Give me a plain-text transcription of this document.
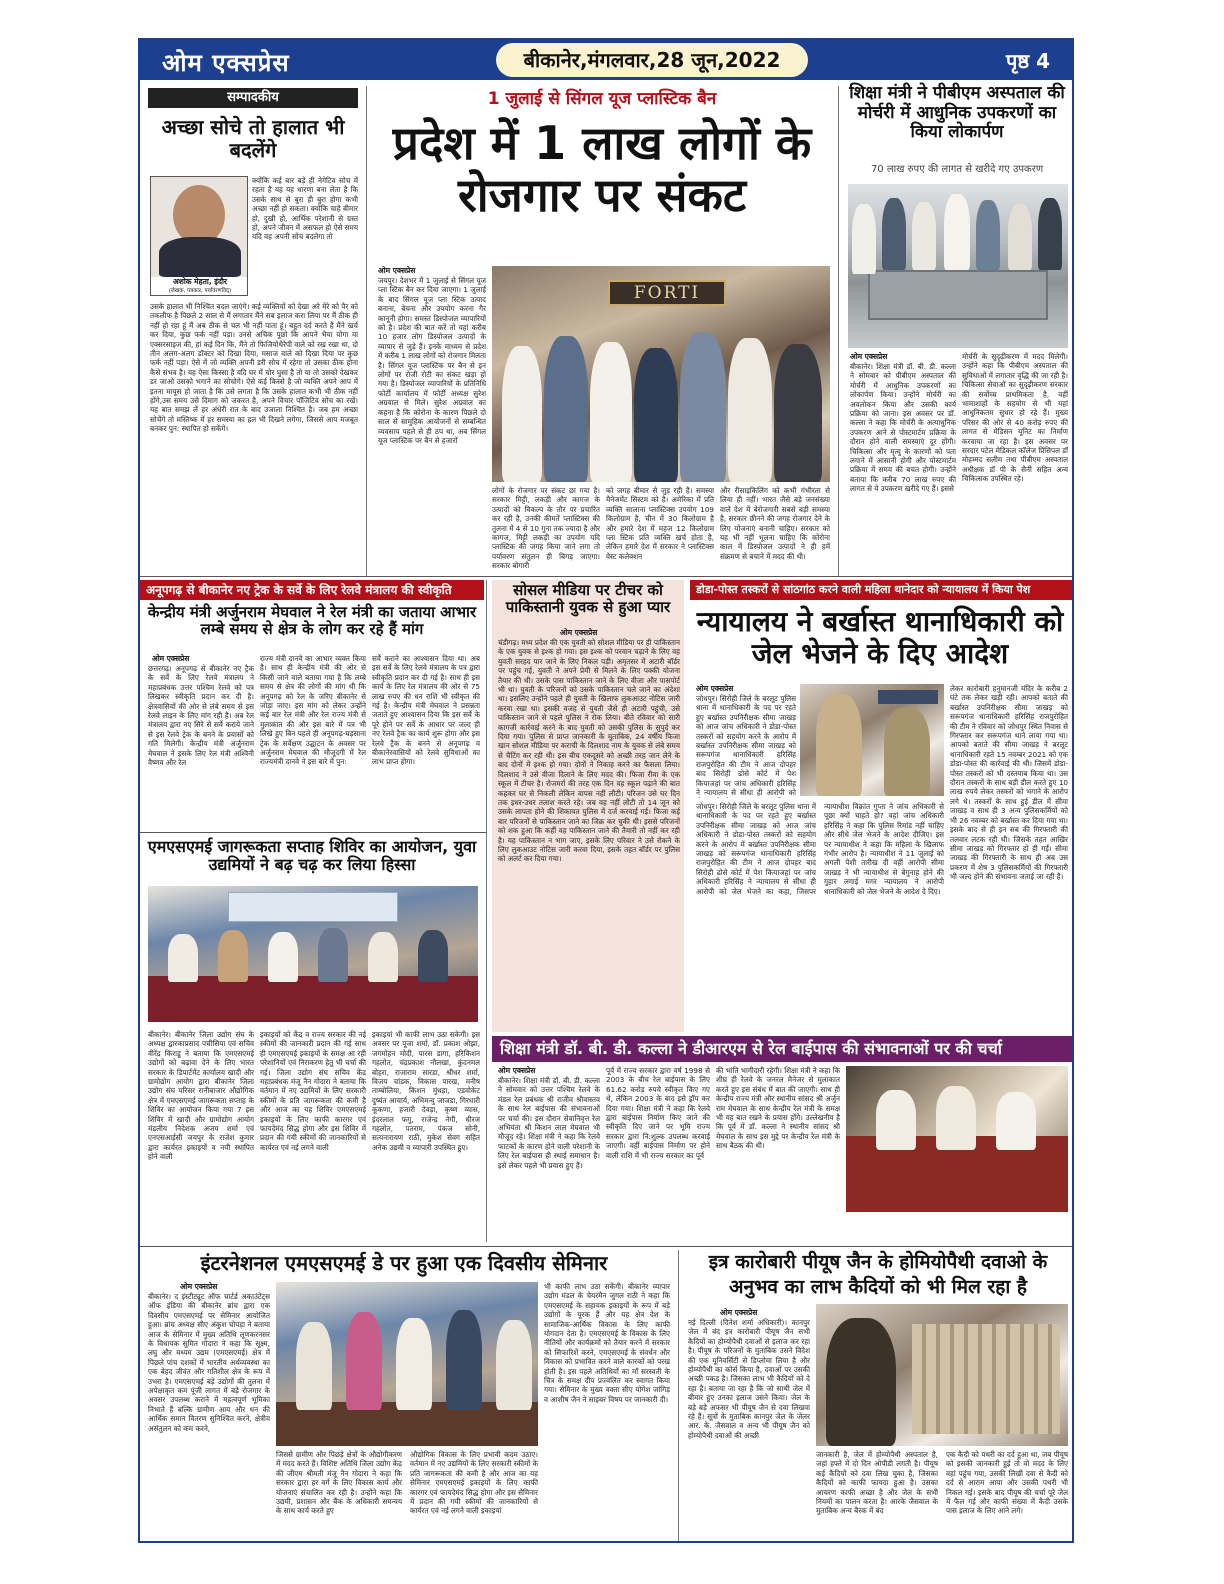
ओम एक्सप्रेस	बीकानेर,मंगलवार,28 जून,2022	पृष्ठ 4
सम्पादकीय
अच्छा सोचे तो हालात भी बदलेंगे
अशोक मेहता, इंदौर
(लेखक, पत्रकार, पर्यावरणविद्)
क्योंकि कई बार बड़े ही नेगेटिव सोच में रहता है यह यह धारणा बना लेता है कि उसके साथ से बुरा ही बुरा होगा कभी अच्छा नहीं हो सकता। क्योंकि चाहे बीमार हो, दुखी हो, आर्थिक परेशानी से ग्रस्त हो, अपने जीवन में असफल हो ऐसे समय यदि वह अपनी सोच बदलेगा तो
उसके हालात भी निश्चित बदल जाएंगे। कई व्यक्तियों को देखा अरे मेरे को पैर को तकलीफ है पिछले 2 साल से मैं लगातार मैंने सब इलाज करा लिया पर मैं ठीक ही नहीं हो रहा हूं मैं अब ठीक से चल भी नहीं पाता हूं। बहुत दर्द करते हैं मैंने खर्च कर दिया, कुछ फर्क नहीं पड़ा। उनसे अचिक पूछो कि आपने भैया योगा या एक्सरसाइज की, हां कई दिन कि, मैंने तो फिजियोथैरेपी वाले को रख रखा था, दो तीन अलग-अलग डॉक्टर को दिखा दिया, मसाज वाले को दिखा दिया पर कुछ फर्क नहीं पड़ा। ऐसे में जो व्यक्ति अपनी डरी सोच में रहेगा तो उसका ठीक होना कैसे संभव है। यह ऐसा किस्सा है यदि घर में चोर घुसा है तो या तो उसको देखकर डर जाओ उसको भगाने का सोचोगे। ऐसे कई किस्से है जो व्यक्ति अपने आप में इतना मायूस हो जाता है कि उसे लगता है कि उसके हालात कभी भी ठीक नहीं होंगे,उस समय उसे दिमाग को जकरत है, अपने विचार पॉजिटिव सोच का रखें। यह बात समझ लें हर अंधेरी रात के बाद उजाला निश्चित है। जब हम अच्छा सोचेंगे तो मस्तिष्क में हर समस्या का हल भी दिखने लगेगा, जिससे आप मजबूत बनकर पुन: स्थापित हो सकेंगे।
1 जुलाई से सिंगल यूज प्लास्टिक बैन
प्रदेश में 1 लाख लोगों के रोजगार पर संकट
ओम एक्सप्रेस
जयपुर। देशभर में 1 जुलाई से सिंगल यूज प्ला स्टिक बैन कर दिया जाएगा। 1 जुलाई के बाद सिंगल यूज प्ला स्टिक उत्पाद बनाना, बेचना और उपयोग करना गैर कानूनी होगा। समस्त डिस्पोजल व्यापारियों को है। प्रदेश की बात करें तो यहां करीब 10 हजार लोग डिस्पोजल उत्पादों के व्यापार से जुड़े हैं। इनके माध्यम से प्रदेश में करीब 1 लाख लोगों को रोजगार मिलता है। सिंगल यूज प्लास्टिक पर बैन से इन लोगों पर रोजी रोटी का संकट खड़ा हो गया है। डिस्पोजल व्यापारियों के प्रतिनिधि फोर्टी कार्यालय में फोर्टी अध्यक्ष सुरेश अग्रवाल से मिले। सुरेश अग्रवाल का कहना है कि कोरोना के कारण पिछले दो साल से सामुहिक आयोजनों से सम्बन्धित व्यवसाय पहले से ही ठप था, अब सिंगल यूज प्लास्टिक पर बैन से हजारों
FORTI
लोगों के रोजगार पर संकट छा गया है। सरकार मिट्टी, लकड़ी और कागज के उत्पादों को विकल्प के तौर पर प्रचारित कर रही है, उनकी कीमतें प्लास्टिक्स की तुलना में 4 से 10 गुना तक ज्यादा है और कागज, मिट्टी लकड़ी का उपयोग यदि प्लास्टिक की जगह किया जाने लगा तो पर्यावरण संतुलन ही बिगड़ जाएगा। सरकार बोगारी
को जगह बीमार से जुड़ रही है। समस्या मैनेजमेंट सिस्टम को है। अमेरिका में प्रति व्यक्ति सालाना प्लास्टिक्स उपयोग 109 किलोग्राम है, चीन में 30 किलोग्राम है और हमारे देश में महज 12 किलोग्राम प्ला स्टिक प्रति व्यक्ति खर्च होता है, लेकिन हमारे देश में सरकार ने प्लास्टिक्स वेस्ट कलेक्शन
और रीसाइकिलिंग को कभी गंभीरता से लिया ही नहीं। भारत जैसे बड़े जनसंख्या वाले देश में बेरोजगारी सबसे बड़ी समस्या है, सरकार छीनने की जगह रोजगार देने के लिए योजनाएं बनानी चाहिए। सरकार को यह भी नहीं भूलना चाहिए कि कोरोना काल में डिस्पोजल उत्पादों ने ही हमें संक्रमण से बचाने में मदद की थी।
शिक्षा मंत्री ने पीबीएम अस्पताल की मोर्चरी में आधुनिक उपकरणों का किया लोकार्पण
70 लाख रुपए की लागत से खरीदे गए उपकरण
ओम एक्सप्रेस
बीकानेर। शिक्षा मंत्री डॉ. बी. डी. कल्ला ने सोमवार को पीबीएम अस्पताल की मोर्चरी में आधुनिक उपकरणों का लोकार्पण किया। उन्होंने मोर्चरी का अवलोकन किया और उसकी कार्य प्रक्रिया को जाना। इस अवसर पर डॉ. कल्ला ने कहा कि मोर्चरी के अत्याधुनिक उपकरण आने से पोस्टमार्टम प्रक्रिया के दौरान होने वाली समस्याएं दूर होंगी। चिकित्सा और मृत्यु के कारणों को पता लगाने में आसानी होगी और पोस्टमार्टम प्रक्रिया में समय की बचत होगी। उन्होंने बताया कि करीब 70 लाख रुपए की लागत से ये उपकरण खरीदे गए हैं। इससे
मोर्चरी के सुदृढ़ीकरण में मदद मिलेगी। उन्होंने कहा कि पीबीएम अस्पताल की सुविधाओं में लगातार वृद्धि की जा रही है। चिकित्सा सेवाओं का सुदृढ़ीकरण सरकार की सर्वोच्च प्राथमिकता है, वहीं भामाशाहों के सहयोग से भी यहां आधुनिकतम सुधार हो रहे हैं। मुख्य परिसर की ओर से 40 करोड़ रुपए की लागत से मेडिसन यूनिट का निर्माण करवाया जा रहा है। इस अवसर पर सरदार पटेल मेडिकल कॉलेज प्रिंसिपल डॉ मोहम्मद सलीम तथा पीबीएम अस्पताल अधीक्षक डॉ पी के सैनी सहित अन्य चिकित्सक उपस्थित रहे।
अनूपगढ़ से बीकानेर नए ट्रेक के सर्वे के लिए रेलवे मंत्रालय की स्वीकृति
केन्द्रीय मंत्री अर्जुनराम मेघवाल ने रेल मंत्री का जताया आभार लम्बे समय से क्षेत्र के लोग कर रहे हैं मांग
ओम एक्सप्रेस
छत्तरगढ़। अनूपगढ़ से बीकानेर नए ट्रैक के सर्वे के लिए रेलवे मंत्रालय ने महाप्रबंधक उत्तर पश्चिम रेलवे को पत्र लिखकर स्वीकृति प्रदान कर दी है। क्षेत्रवासियों की ओर से लंबे समय से इस रेलवे लाइन के लिए मांग रही है। अब रेल मंत्रालय द्वारा नए सिरे से सर्वे कराये जाने से इस रेलवे ट्रेक के बनने के प्रयासों को गति मिलेगी। केन्द्रीय मंत्री अर्जुनराम मेघवाल ने इसके लिए रेल मंत्री अश्विनी वैष्णव और रेल
राज्य मंत्री दानवे का आभार व्यक्त किया है। साथ ही केन्द्रीय मंत्री की ओर से किसी जाने वाले बताया गया है कि लम्बे समय से क्षेत्र की लोगों की मांग थी कि अनूपगढ़ को रेल के जरिए बीकानेर से जोड़ा जाए। इस मांग को लेकर उन्होंने कई बार रेल मंत्री और रेल राज्य मंत्री से मुलाकात की और इस बारे में पत्र भी लिखे हुए बिन पहले ही अनूपगढ़-घड़साना ट्रेक के सर्वेक्षण उद्घाटन के अवसर पर अर्जुनराम मेघवाल की मौजूदगी में रेल राज्यमंत्री दानवे ने इस बारे में पुन:
सर्वे कराने का आश्वासन दिया था। अब इस सर्वे के लिए रेलवे मंत्रालय के पत्र द्वारा स्वीकृति प्रदान कर दी गई है। साथ ही इस कार्य के लिए रेल मंत्रालय की ओर से 75 लाख रुपए की धन राशि भी स्वीकृत की गई है। केन्द्रीय मंत्री मेघवाल ने प्रसन्नता जताते हुए आश्वासन दिया कि इस सर्वे के पूरे होने पर सर्वे के आधार पर जल्द ही नए रेलवे ट्रैक का कार्य शुरू होगा और इस रेलवे ट्रैक के बनने से अनूपगढ़ व बीकानेरवासियों को रेलवे सुविधाओं का लाभ प्राप्त होगा।
एमएसएमई जागरूकता सप्ताह शिविर का आयोजन, युवा उद्यमियों ने बढ़ चढ़ कर लिया हिस्सा
बीकानेर। बीकानेर जिला उद्योग संघ के अध्यक्ष द्वारकाप्रसाद पचीसिया एवं सचिव वीरेंद्र किराडू ने बताया कि एमएसएमई उद्योगों को बढ़ावा देने के लिए भारत सरकार के डिपार्टमेंट कार्यालय खादी और ग्रामोद्योग आयोग द्वारा बीकानेर जिला उद्योग संघ परिसर रानीबाजार औद्योगिक क्षेत्र में एमएसएमई जागरूकता सप्ताह के शिविर का आयोजन किया गया 7 इस शिविर में खादी और ग्रामोद्योग आयोग मंडलीय निदेशक अजय शर्मा एवं एनएसआईसी जयपुर के राजेश कुमार द्वारा कार्यरत इकाइयों व नयी स्थापित होने वाली
इकाइयों को केंद्र व राज्य सरकार की नई स्कीमों की जानकारी प्रदान की गई साथ ही एमएसएमई इकाइयों के समक्ष आ रही परेशानियों एवं निराकरण हेतु भी चर्चा की गई। जिला उद्योग संघ सचिव केंद्र महाप्रबंधक मंजू नैन गोदारा ने बताया कि वर्तमान में नए उद्यमियों के लिए सरकारी स्कीमों के प्रति जागरूकता की कमी है और आज का यह शिविर एमएसएमई इकाइयों के लिए काफी कारगर एवं फायदेमंद सिद्ध होगा और इस शिविर में प्रदान की गयी स्कीमों की जानकारियों से कार्यरत एवं नई लगने वाली
इकाइयां भी काफी लाभ उठा सकेगी। इस अवसर पर पूजा शर्मा, डॉ. प्रकाश ओझा, जगमोहन मोदी, पारस डागा, हरिकिशन गहलोत, चंद्रप्रकाश नौलखा, कुंदनमल बोहरा, राजाराम सारडा, श्रीधर शर्मा, विजय चांडक, विकास पारख, मनीष ताम्बोलिया, किशन मुंधड़ा, एडवोकेट दुष्यंत आचार्य, अभिमन्यु जाजडा, गिरधारी कूकणा, हजारी देवड़ा, कृष्ण व्यास, इंदरलाल फगु, राजेन्द्र नेगी, धीरज गहलोत, पतराम, पंकज सोनी, सत्यनारायण राठी, मुकेश सेवग सहित अनेक उद्यमी व व्यापारी उपस्थित हुए।
सोसल मीडिया पर टीचर को पाकिस्तानी युवक से हुआ प्यार
ओम एक्सप्रेस
चंडीगढ़। मध्य प्रदेश की एक युवती को सोशल मीडिया पर ही पाकिस्तान के एक युवक से इश्क हो गया। इस इश्क को परवान चढ़ाने के लिए वह युवती सरहद पार जाने के लिए निकल पड़ी। अमृतसर में अटारी बॉर्डर पर पहुंच गई, युवती ने अपने प्रेमी से मिलने के लिए पक्की योजना तैयार की थी। उसके पास पाकिस्तान जाने के लिए वीजा और पासपोर्ट भी था। युवती के परिजनों को उसके पाकिस्तान चले जाने का अंदेशा था। इसलिए उन्होंने पहले ही युवती के खिलाफ लुकआउट नोटिस जारी करवा रखा था। इसकी वजह से युवती जैसे ही अटारी पहुंची, उसे पाकिस्तान जाने से पहले पुलिस ने रोक लिया। बीते रविवार को सारी कागजी कार्रवाई करने के बाद युवती को उसकी पुलिस के सुपुर्द कर दिया गया। पुलिस से प्राप्त जानकारी के मुताबिक, 24 वर्षीय फिजा खान सोशल मीडिया पर कराची के दिलशाद नाम के युवक से लंबे समय से चैटिंग कर रही थी। इस बीच एकदूसरे को अच्छी तरह जान लेने के बाद दोनों में इश्क हो गया। दोनों ने निकाह करने का फैसला लिया। दिलशाद ने उसे वीजा दिलाने के लिए मदद की। फिजा रीवा के एक स्कूल में टीचर है। रोजमर्रा की तरह एक दिन वह स्कूल पढ़ाने की बात कहकर घर से निकली लेकिन वापस नहीं लौटी। परिजन उसे घर दिन तक इधर-उधर तलाश करते रहे। जब वह नहीं लौटी तो 14 जून को उसके लापता होने की शिकायत पुलिस में दर्ज करवाई गई। फिजा कई बार परिजनों से पाकिस्तान जाने का जिक्र कर चुकी थी। इससे परिजनों को शक हुआ कि कहीं वह पाकिस्तान जाने की तैयारी तो नहीं कर रही है। यह पाकिस्तान न भाग जाए, इसके लिए परिवार ने उसे रोकने के लिए लुकआउट नोटिस जारी करवा दिया, इसके तहत बॉर्डर पर पुलिस को अलर्ट कर दिया गया।
डोडा-पोस्त तस्करों से सांठगांठ करने वाली महिला थानेदार को न्यायालय में किया पेश
न्यायालय ने बर्खास्त थानाधिकारी को जेल भेजने के दिए आदेश
ओम एक्सप्रेस
जोधपुर। सिरोही जिले के बरलूट पुलिस थाना में थानाधिकारी के पद पर रहते हुए बर्खास्त उपनिरीक्षक सीमा जाखड़ को आज जांच अधिकारी ने डोडा-पोस्त तस्करों को सहयोग करने के आरोप में बर्खास्त उपनिरीक्षक सीमा जाखड़ को सरूपगंज थानाधिकारी हरिसिंह राजपुरोहित की टीम ने आज दोपहर बाद सिरोही ढोसे कोर्ट में पेश कियाजहां पर जांच अधिकारी हरिसिंह ने न्यायालय से सीधा ही आरोपी को
जोधपुर। सिरोही जिले के बरलूट पुलिस थाना में थानाधिकारी के पद पर रहते हुए बर्खास्त उपनिरीक्षक सीमा जाखड़ को आज जांच अधिकारी ने डोडा-पोस्त तस्करों को सहयोग करने के आरोप में बर्खास्त उपनिरीक्षक सीमा जाखड़ को सरूपगंज थानाधिकारी हरिसिंह राजपुरोहित की टीम ने आज दोपहर बाद सिरोही ढोसे कोर्ट में पेश कियाजहां पर जांच अधिकारी हरिसिंह ने न्यायालय से सीधा ही आरोपी को जेल भेजने का कहा, जिसपर न्यायाधीश विक्रांत गुप्ता ने जांच अधिकारी से पूछा क्यों चाहते हो? वहां जांच अधिकारी हरिसिंह ने कहा कि पुलिस रिमांड नहीं चाहिए और सीधे जेल भेजने के आदेश दीजिए। इस पर न्यायाधीश ने कहा कि महिला के खिलाफ गंभीर आरोप है। न्यायाधीश ने 11 जुलाई को अगली पेशी तारीख दी वहीं आरोपी सीमा जाखड़ ने भी न्यायाधीश से बेगुनाह होने की गुहार लगाई मगर न्यायालय ने आरोपी थानाधिकारी को जेल भेजने के आदेश दे दिए।
लेकर कारोबारी हनुमानजी मंदिर के करीब 2 घंटे तक लेकर खड़ी रही। आपको बताते की बर्खास्त उपनिरीक्षक सीमा जाखड़ को सरूपगंज थानाधिकारी हरिसिंह राजपुरोहित की टीम ने रविवार को जोधपुर स्थित निवास से गिरफ्तार कर सरूपगंज थाने लाया गया था। आपको बताते की सीमा जाखड़ ने बरलूट थानाधिकारी रहते 15 नवम्बर 2021 को एक डोडा-पोस्त की कार्रवाई की थी। जिसमें डोडा-पोस्त तस्करों को भी दस्तयाब किया था। उस दौरान तस्करों के साथ बड़ी डील करते हुए 10 लाख रुपये लेकर तस्करों को भगाने के आरोप लगे थे। तस्करों के साथ हुई डील में सीमा जाखड़ व साथ ही 3 अन्य पुलिसकर्मियों को भी 26 नवम्बर को बर्खास्त कर दिया गया था। इसके बाद से ही इन सब की गिरफ्तारी की तलवार लटक रही थी। जिसके तहत आखिर सीमा जाखड़ को गिरफ्तार हो ही गईं। सीमा जाखड़ की गिरफ्तारी के साथ ही अब उस प्रकरण में शेष 3 पुलिसकर्मियों की गिरफ्तारी भी जल्द होने की संभावना जताई जा रही है।
शिक्षा मंत्री डॉ. बी. डी. कल्ला ने डीआरएम से रेल बाईपास की संभावनाओं पर की चर्चा
ओम एक्सप्रेस
बीकानेर। शिक्षा मंत्री डॉ. बी. डी. कल्ला ने सोमवार को उत्तर पश्चिम रेलवे के मंडल रेल प्रबंधक श्री राजीव श्रीवास्तव के साथ रेल बाईपास की संभावनाओं पर चर्चा की। इस दौरान सेवानिवृत्त रेल अभियंता श्री किशन लाल मेघवाल भी मौजूद रहे। शिक्षा मंत्री ने कहा कि रेलवे फाटकों के कारण होने वाली परेशानी के लिए रेल बाईपास ही स्थाई समाधान है। इसे लेकर पहले भी प्रयास हुए हैं।
पूर्व में राज्य सरकार द्वारा वर्ष 1998 से 2003 के बीच रेल बाईपास के लिए 61.62 करोड़ रुपये स्वीकृत किए गए थे, लेकिन 2003 के बाद इसे ड्रॉप कर दिया गया। शिक्षा मंत्री ने कहा कि रेलवे द्वारा बाईपास निर्माण किए जाने की स्वीकृति दिए जाने पर भूमि राज्य सरकार द्वारा नि:शुल्क उपलब्ध करवाई जाएगी। वहीं बाईपास निर्माण पर होने वाली राशि में भी राज्य सरकार का पूर्व
की भांति भागीदारी रहेगी। शिक्षा मंत्री ने कहा कि शीघ्र ही रेलवे के जनरल मैनेजर से मुलाकात करते हुए इस संबंध में बात की जाएगी। साथ ही केन्द्रीय राज्य मंत्री और स्थानीय सांसद श्री अर्जुन राम मेघवाल के साथ केन्द्रीय रेल मंत्री के समक्ष भी यह बात रखने के प्रयास होंगे। उल्लेखनीय है कि पूर्व में डॉ. कल्ला ने स्थानीय सांसद श्री मेघवाल के साथ इस मुद्दे पर केन्द्रीय रेल मंत्री के साथ बैठक की थी।
इंटरनेशनल एमएसएमई डे पर हुआ एक दिवसीय सेमिनार
ओम एक्सप्रेस
बीकानेर। द इंस्टीट्यूट ऑफ चार्टर्ड अकाउंटेंट्स ऑफ इंडिया की बीकानेर ब्रांच द्वारा एक दिवसीय एमएसएमई पर सेमिनार आयोजित हुआ। ब्रांच अध्यक्ष सीए अंकुश चोपड़ा ने बताया आज के सेमिनार में मुख्य अतिथि लूणकरनसर के विधायक सुमित गोदारा ने कहा कि सूक्ष्म, लघु और मध्यम उद्यम (एमएसएमई) क्षेत्र में पिछले पांच दशकों में भारतीय अर्थव्यवस्था का एक बेहद जीवंत और गतिशील क्षेत्र के रूप में उभरा है। एमएसएमई बड़े उद्योगों की तुलना में अपेक्षाकृत कम पूंजी लागत में बड़े रोजगार के अवसर उपलब्ध कराने में महत्वपूर्ण भूमिका निभाते हैं बल्कि ग्रामीण आय और धन की आर्थिक समान वितरण सुनिश्चित करने, क्षेत्रीय असंतुलन को कम करने,
जिससे ग्रामीण और पिछड़े क्षेत्रों के औद्योगीकरण में मदद करते हैं। विशिष्ट अतिथि जिला उद्योग केंद्र की जीएम श्रीमती मंजू नैन गोदारा ने कहा कि सरकार द्वारा हर वर्ग के लिए विकास कार्य और योजनाएं संचालित कर रही है। उन्होंने कहा कि उद्यमी, प्रशासन और बैंक के अधिकारी समन्वय के साथ कार्य करते हुए
औद्योगिक विकास के लिए प्रभावी कदम उठाए। वर्तमान में नए उद्यमियों के लिए सरकारी स्कीमों के प्रति जागरूकता की कमी है और आज का यह सेमिनार एमएसएमई इकाइयों के लिए काफी कारगर एवं फायदेमंद सिद्ध होगा और इस सेमिनार में प्रदान की गयी स्कीमों की जानकारियों से कार्यरत एवं नई लगने वाली इकाइयां
भी काफी लाभ उठा सकेंगी। बीकानेर व्यापार उद्योग मंडल के चेयरमैन जुगल राठी ने कहा कि एमएसएमई के सहायक इकाइयों के रूप में बड़े उद्योगों के पूरक हैं और यह क्षेत्र देश के सामाजिक-आर्थिक विकास के लिए काफी योगदान देता है। एमएसएमई के विकास के लिए नीतियों और कार्यक्रमों को तैयार करने में सरकार को सिफारिशें करने, एमएसएमई के संवर्धन और विकास को प्रभावित करने वाले कारकों को परख होती है। इस पहले अतिथियों का माँ सरस्वती के चित्र के समक्ष दीप प्रज्वलित कर स्वागत किया गया। सेमिनार के मुख्य वक्ता सीए योगेश जांगिड़ व आशीष जैन ने साइबर विषय पर जानकारी दी।
इत्र कारोबारी पीयूष जैन के होमियोपैथी दवाओ के अनुभव का लाभ कैदियों को भी मिल रहा है
ओम एक्सप्रेस
नई दिल्ली (दिनेश शर्मा अधिकारी)। कानपुर जेल में बंद इत्र कारोबारी पीयूष जैन सभी कैदियों का होम्योपैथी दवाओं से इलाज कर रहा है। पीयूष के परिजनों के मुताबिक उसने विदेश की एक यूनिवर्सिटी से डिप्लोमा लिया है और होम्योपैथी का कोर्स किया है, दवाओं पर उसकी अच्छी पकड़ है। जिसका लाभ भी कैदियों को दे रहा है। बताया जा रहा है कि जो साथी जेल में बीमार हुए उनका इलाज उसने किया। जेल के बड़े बड़े अफसर भी पीयूष जैन से दवा लिखवा रहे हैं। सूत्रों के मुताबिक कानपुर जेल के जेलर आर. के. जैसवाल व अन्य भी पीयूष जैन को होम्योपैथी दवाओं की अच्छी
जानकारी है, जेल में होम्योपैथी अस्पताल है, जहां हफ्ते में दो दिन ओपीडी लगती है। पीयूष कई कैदियों को दवा लिख चुका है, जिसका कैदियों को काफी फायदा हुआ है। उसका आचरण काफी अच्छा है और जेल के सभी नियमों का पालन करता है। आरके जैसवाल के मुताबिक अन्य बैरक में बंद
एक कैदी को पथरी का दर्द हुआ था, जब पीयूष को इसकी जानकारी हुई तो वो मदद के लिए वहां पहुंच गया, उसकी लिखी दवा से कैदी को दर्द से आराम आया और उसकी पथरी भी निकल गई। इसके बाद पीयूष की चर्चा पूरे जेल में फैल गई और काफी संख्या में कैदी उसके पास इलाज के लिए आने लगे।
